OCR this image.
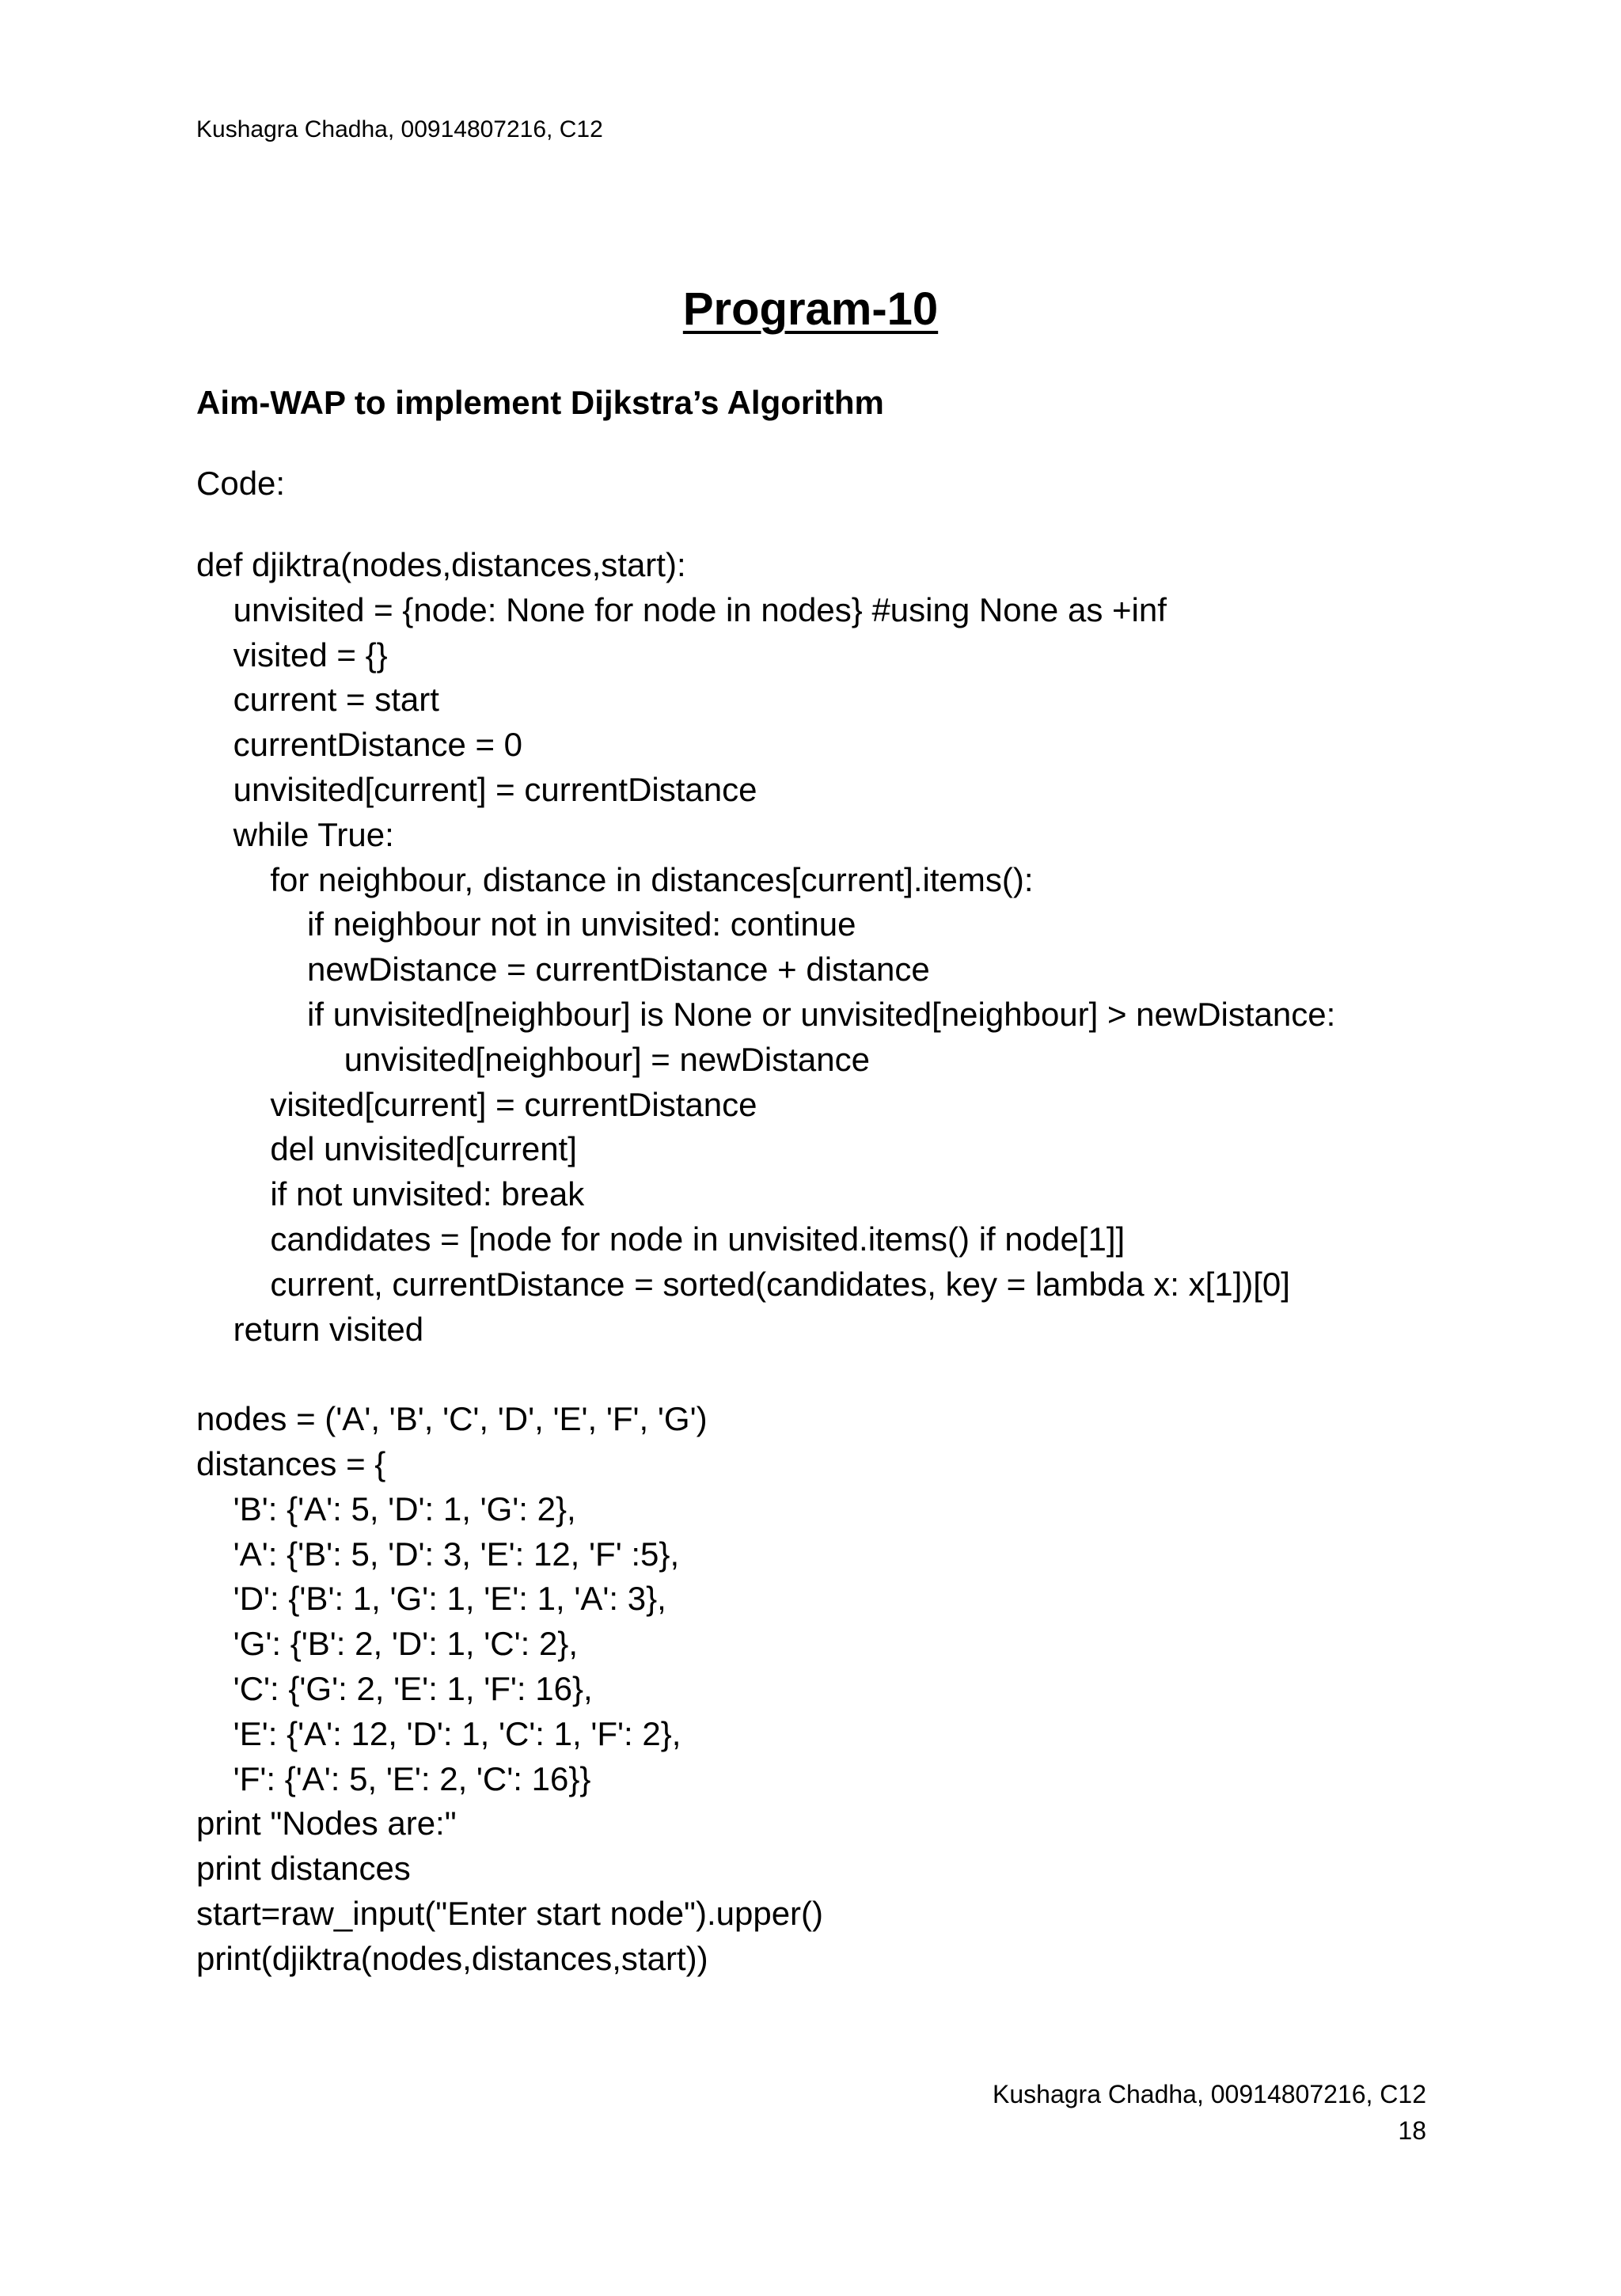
Kushagra Chadha, 00914807216, C12
Program-10
Aim-WAP to implement Dijkstra’s Algorithm
Code:
def djiktra(nodes,distances,start):
unvisited = {node: None for node in nodes} #using None as +inf
visited = {}
current = start
currentDistance = 0
unvisited[current] = currentDistance
while True:
for neighbour, distance in distances[current].items():
if neighbour not in unvisited: continue
newDistance = currentDistance + distance
if unvisited[neighbour] is None or unvisited[neighbour] > newDistance:
unvisited[neighbour] = newDistance
visited[current] = currentDistance
del unvisited[current]
if not unvisited: break
candidates = [node for node in unvisited.items() if node[1]]
current, currentDistance = sorted(candidates, key = lambda x: x[1])[0]
return visited
nodes = ('A', 'B', 'C', 'D', 'E', 'F', 'G')
distances = {
'B': {'A': 5, 'D': 1, 'G': 2},
'A': {'B': 5, 'D': 3, 'E': 12, 'F' :5},
'D': {'B': 1, 'G': 1, 'E': 1, 'A': 3},
'G': {'B': 2, 'D': 1, 'C': 2},
'C': {'G': 2, 'E': 1, 'F': 16},
'E': {'A': 12, 'D': 1, 'C': 1, 'F': 2},
'F': {'A': 5, 'E': 2, 'C': 16}}
print "Nodes are:"
print distances
start=raw_input("Enter start node").upper()
print(djiktra(nodes,distances,start))
Kushagra Chadha, 00914807216, C12
18
